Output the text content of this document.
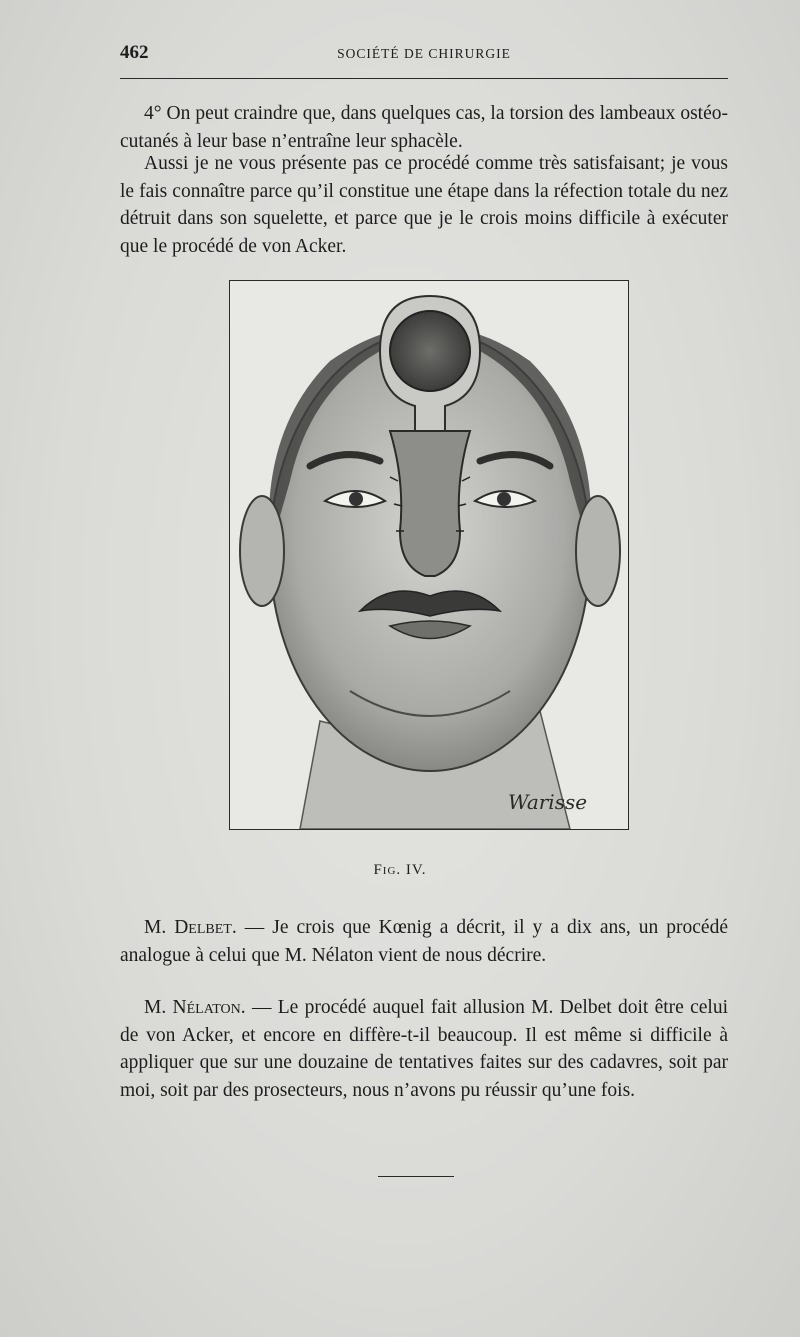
462	SOCIÉTÉ DE CHIRURGIE

4° On peut craindre que, dans quelques cas, la torsion des lambeaux ostéo-cutanés à leur base n’entraîne leur sphacèle.

Aussi je ne vous présente pas ce procédé comme très satisfaisant; je vous le fais connaître parce qu’il constitue une étape dans la réfection totale du nez détruit dans son squelette, et parce que je le crois moins difficile à exécuter que le procédé de von Acker.

Warisse
Fig. IV.

M. Delbet. — Je crois que Kœnig a décrit, il y a dix ans, un procédé analogue à celui que M. Nélaton vient de nous décrire.

M. Nélaton. — Le procédé auquel fait allusion M. Delbet doit être celui de von Acker, et encore en diffère-t-il beaucoup. Il est même si difficile à appliquer que sur une douzaine de tentatives faites sur des cadavres, soit par moi, soit par des prosecteurs, nous n’avons pu réussir qu’une fois.
